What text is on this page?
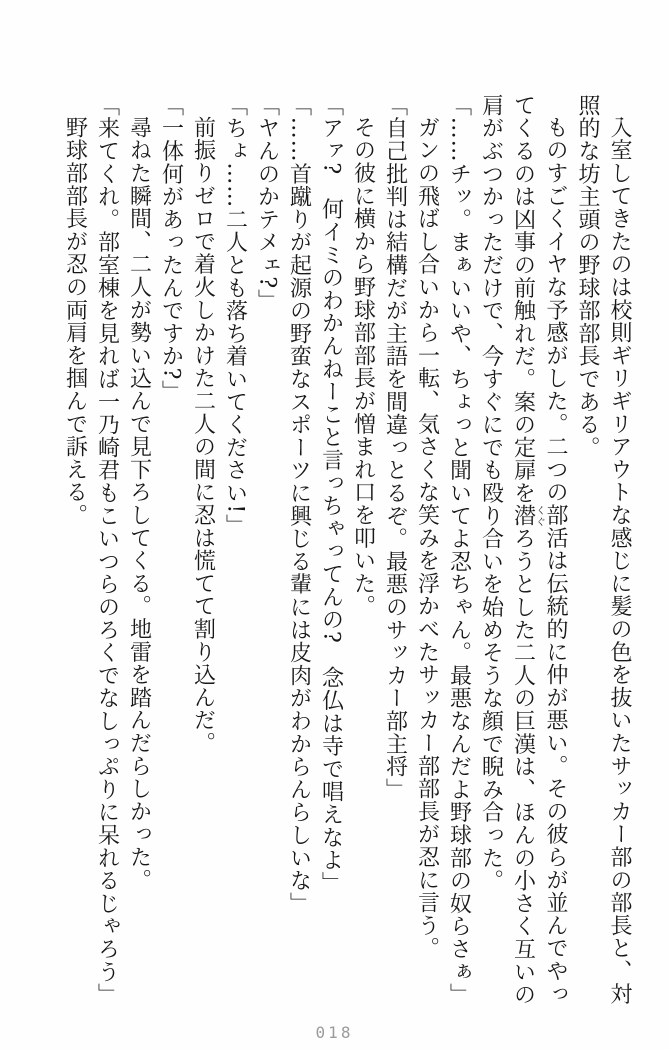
入室してきたのは校則ギリギリアウトな感じに髪の色を抜いたサッカー部の部長と、対照的な坊主頭の野球部部長である。

ものすごくイヤな予感がした。二つの部活は伝統的に仲が悪い。その彼らが並んでやってくるのは凶事の前触れだ。案の定扉を潜くぐろうとした二人の巨漢は、ほんの小さく互いの肩がぶつかっただけで、今すぐにでも殴り合いを始めそうな顔で睨み合った。

「……チッ。まぁいいや、ちょっと聞いてよ忍ちゃん。最悪なんだよ野球部の奴らさぁ」

ガンの飛ばし合いから一転、気さくな笑みを浮かべたサッカー部部長が忍に言う。

「自己批判は結構だが主語を間違っとるぞ。最悪のサッカー部主将」

その彼に横から野球部部長が憎まれ口を叩いた。

「アァ?　何イミのわかんねーこと言っちゃってんの?　念仏は寺で唱えなよ」

「……首蹴りが起源の野蛮なスポーツに興じる輩には皮肉がわからんらしいな」

「ヤんのかテメェ?」

「ちょ……二人とも落ち着いてください!」

前振りゼロで着火しかけた二人の間に忍は慌てて割り込んだ。

「一体何があったんですか?」

尋ねた瞬間、二人が勢い込んで見下ろしてくる。地雷を踏んだらしかった。

「来てくれ。部室棟を見れば一乃崎君もこいつらのろくでなしっぷりに呆れるじゃろう」

野球部部長が忍の両肩を掴んで訴える。

018
